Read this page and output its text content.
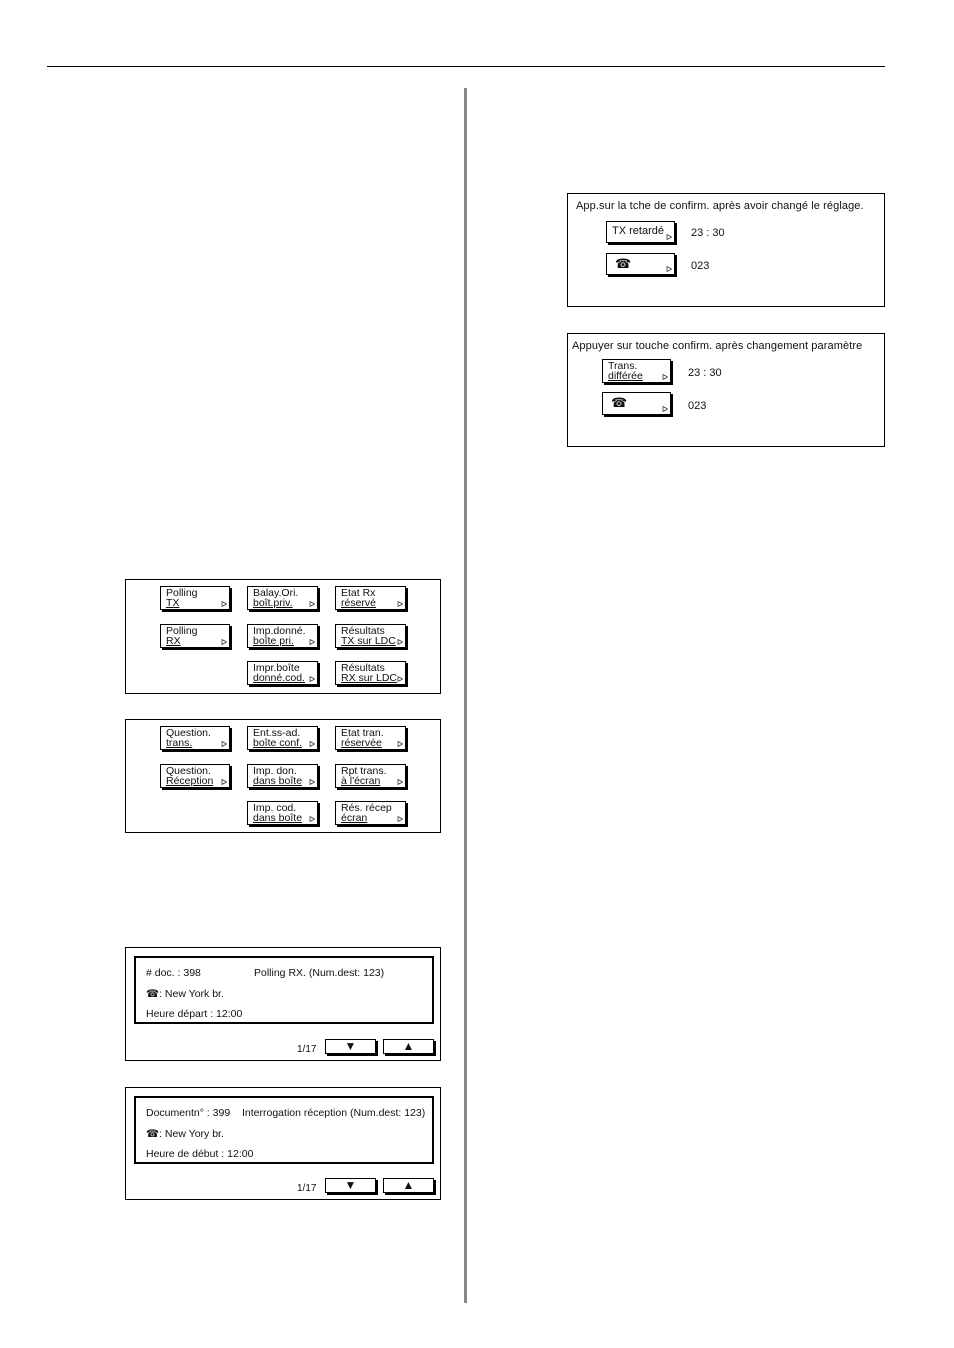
App.sur la tche de confirm. après avoir changé le réglage.
TX retardé
ᐅ 23 : 30
☎	ᐅ 023
Appuyer sur touche confirm. après changement paramètre
Trans.
différée	ᐅ 23 : 30
☎	ᐅ 023
Polling
TX	ᐅ
Balay.Ori.
boît.priv.	ᐅ
Etat Rx
réservé	ᐅ
Polling
RX	ᐅ
Imp.donné.
boîte pri.	ᐅ
Résultats
TX sur LDC ᐅ
Impr.boîte
donné.cod. ᐅ
Résultats
RX sur LDC ᐅ
Question.
trans.	ᐅ
Ent.ss-ad.
boîte conf. ᐅ
Etat tran.
réservée	ᐅ
Question.
Réception ᐅ
Imp. don.
dans boîte ᐅ
Rpt trans.
à l'écran	ᐅ
Imp. cod.
dans boîte ᐅ
Rés. récep
écran	ᐅ
# doc. : 398	Polling RX. (Num.dest: 123)
☎: New York br.
Heure départ : 12:00
1/17	▼	▲
Documentn° : 399 Interrogation réception (Num.dest: 123)
☎: New Yory br.
Heure de début : 12:00
1/17	▼	▲
